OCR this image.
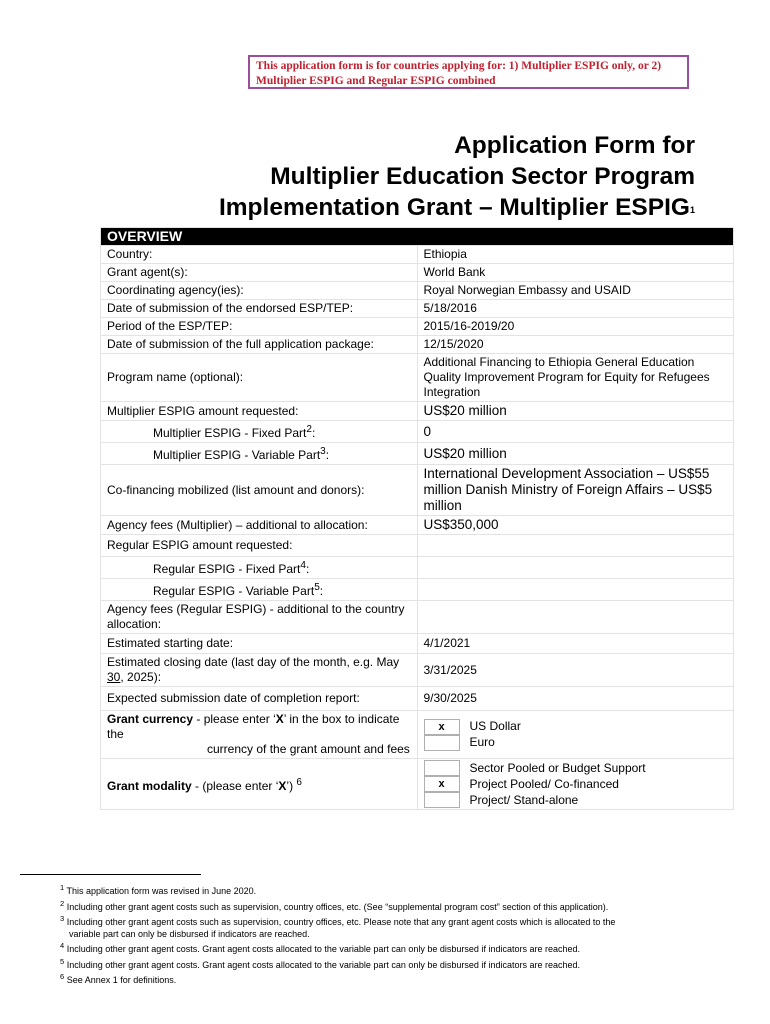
This application form is for countries applying for: 1) Multiplier ESPIG only, or 2) Multiplier ESPIG and Regular ESPIG combined
Application Form for
Multiplier Education Sector Program
Implementation Grant – Multiplier ESPIG$^1$
OVERVIEW
Country:	Ethiopia
Grant agent(s):	World Bank
Coordinating agency(ies):	Royal Norwegian Embassy and USAID
Date of submission of the endorsed ESP/TEP:	5/18/2016
Period of the ESP/TEP:	2015/16-2019/20
Date of submission of the full application package:	12/15/2020
Program name (optional):	Additional Financing to Ethiopia General Education Quality Improvement Program for Equity for Refugees Integration
Multiplier ESPIG amount requested:	US$20 million
Multiplier ESPIG - Fixed Part$^2$:	0
Multiplier ESPIG - Variable Part$^3$:	US$20 million
Co-financing mobilized (list amount and donors):	International Development Association – US$55 million Danish Ministry of Foreign Affairs – US$5 million
Agency fees (Multiplier) – additional to allocation:	US$350,000
Regular ESPIG amount requested:	
Regular ESPIG - Fixed Part$^4$:	
Regular ESPIG - Variable Part$^5$:	
Agency fees (Regular ESPIG) - additional to the country allocation:	
Estimated starting date:	4/1/2021
Estimated closing date (last day of the month, e.g. May 30, 2025):	3/31/2025
Expected submission date of completion report:	9/30/2025

Grant currency - please enter ‘X’ in the box to indicate the
currency of the grant amount and fees

x		US Dollar

		Euro

Grant modality - (please enter ‘X’) $^6$	
		Sector Pooled or Budget Support

x		Project Pooled/ Co-financed

		Project/ Stand-alone

$^1$ This application form was revised in June 2020.

$^2$ Including other grant agent costs such as supervision, country offices, etc. (See “supplemental program cost” section of this application).

$^3$ Including other grant agent costs such as supervision, country offices, etc. Please note that any grant agent costs which is allocated to the

variable part can only be disbursed if indicators are reached.

$^4$ Including other grant agent costs. Grant agent costs allocated to the variable part can only be disbursed if indicators are reached.

$^5$ Including other grant agent costs. Grant agent costs allocated to the variable part can only be disbursed if indicators are reached.

$^6$ See Annex 1 for definitions.
